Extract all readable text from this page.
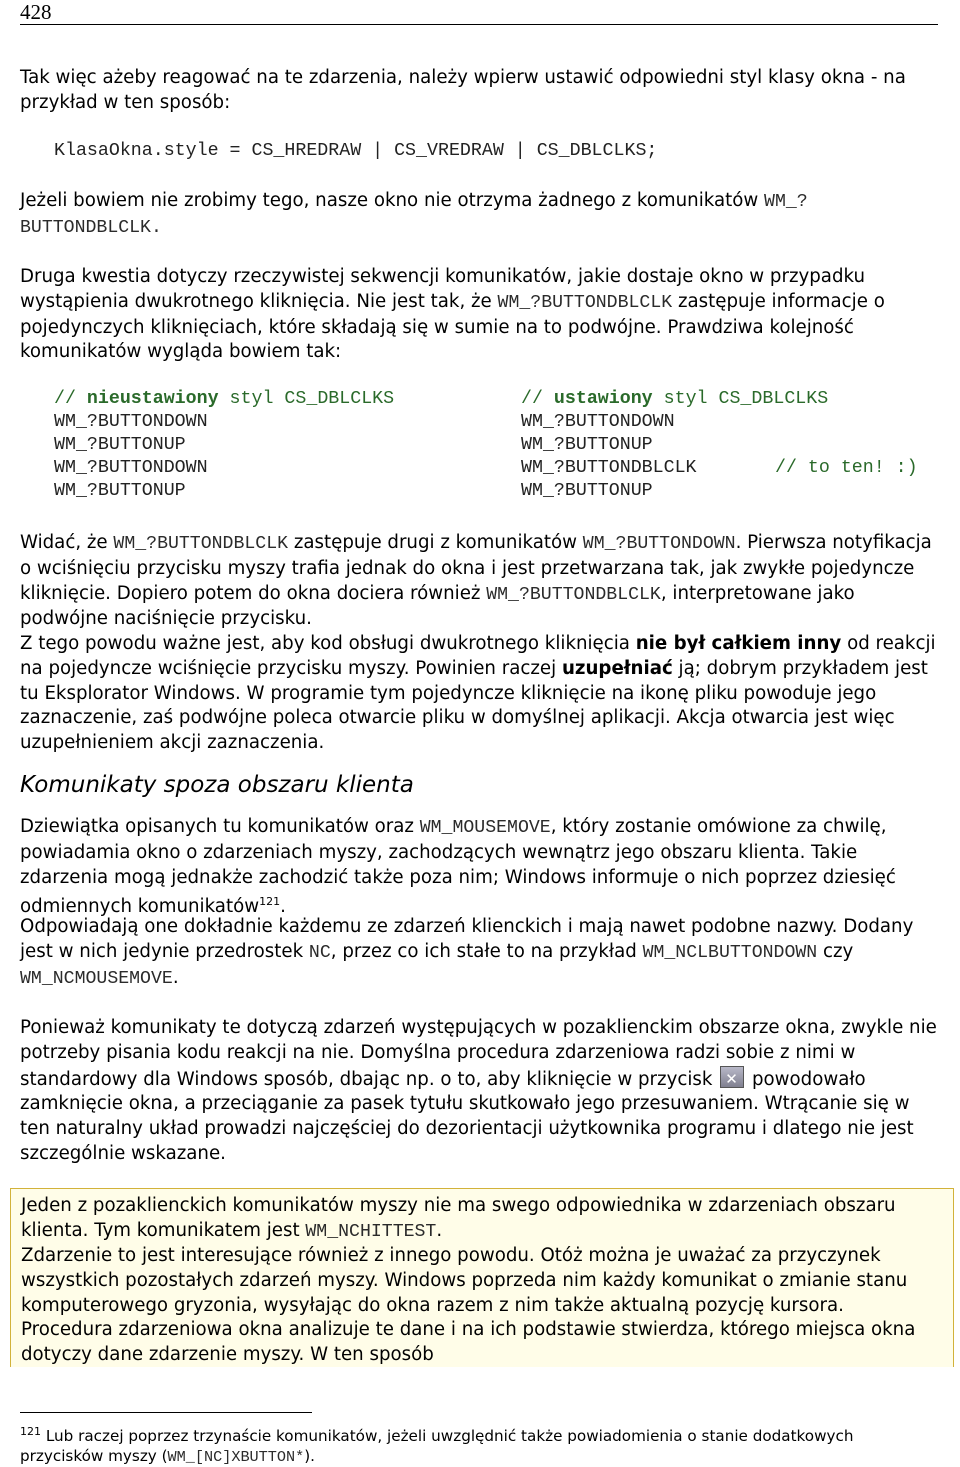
428
Tak więc ażeby reagować na te zdarzenia, należy wpierw ustawić odpowiedni styl klasy okna - na przykład w ten sposób:
KlasaOkna.style = CS_HREDRAW | CS_VREDRAW | CS_DBLCLKS;
Jeżeli bowiem nie zrobimy tego, nasze okno nie otrzyma żadnego z komunikatów WM_?BUTTONDBLCLK.
Druga kwestia dotyczy rzeczywistej sekwencji komunikatów, jakie dostaje okno w przypadku wystąpienia dwukrotnego kliknięcia. Nie jest tak, że WM_?BUTTONDBLCLK zastępuje informacje o pojedynczych kliknięciach, które składają się w sumie na to podwójne. Prawdziwa kolejność komunikatów wygląda bowiem tak:
// nieustawiony styl CS_DBLCLKS
WM_?BUTTONDOWN
WM_?BUTTONUP
WM_?BUTTONDOWN
WM_?BUTTONUP
// ustawiony styl CS_DBLCLKS
WM_?BUTTONDOWN
WM_?BUTTONUP
WM_?BUTTONDBLCLK	// to ten! :)
WM_?BUTTONUP
Widać, że WM_?BUTTONDBLCLK zastępuje drugi z komunikatów WM_?BUTTONDOWN. Pierwsza notyfikacja o wciśnięciu przycisku myszy trafia jednak do okna i jest przetwarzana tak, jak zwykłe pojedyncze kliknięcie. Dopiero potem do okna dociera również WM_?BUTTONDBLCLK, interpretowane jako podwójne naciśnięcie przycisku.
Z tego powodu ważne jest, aby kod obsługi dwukrotnego kliknięcia nie był całkiem inny od reakcji na pojedyncze wciśnięcie przycisku myszy. Powinien raczej uzupełniać ją; dobrym przykładem jest tu Eksplorator Windows. W programie tym pojedyncze kliknięcie na ikonę pliku powoduje jego zaznaczenie, zaś podwójne poleca otwarcie pliku w domyślnej aplikacji. Akcja otwarcia jest więc uzupełnieniem akcji zaznaczenia.
Komunikaty spoza obszaru klienta
Dziewiątka opisanych tu komunikatów oraz WM_MOUSEMOVE, który zostanie omówione za chwilę, powiadamia okno o zdarzeniach myszy, zachodzących wewnątrz jego obszaru klienta. Takie zdarzenia mogą jednakże zachodzić także poza nim; Windows informuje o nich poprzez dziesięć odmiennych komunikatów$^{121}$.
Odpowiadają one dokładnie każdemu ze zdarzeń klienckich i mają nawet podobne nazwy. Dodany jest w nich jedynie przedrostek NC, przez co ich stałe to na przykład WM_NCLBUTTONDOWN czy WM_NCMOUSEMOVE.
Ponieważ komunikaty te dotyczą zdarzeń występujących w pozaklienckim obszarze okna, zwykle nie potrzeby pisania kodu reakcji na nie. Domyślna procedura zdarzeniowa radzi sobie z nimi w standardowy dla Windows sposób, dbając np. o to, aby kliknięcie w przycisk ✕ powodowało zamknięcie okna, a przeciąganie za pasek tytułu skutkowało jego przesuwaniem. Wtrącanie się w ten naturalny układ prowadzi najczęściej do dezorientacji użytkownika programu i dlatego nie jest szczególnie wskazane.
Jeden z pozaklienckich komunikatów myszy nie ma swego odpowiednika w zdarzeniach obszaru klienta. Tym komunikatem jest WM_NCHITTEST.
Zdarzenie to jest interesujące również z innego powodu. Otóż można je uważać za przyczynek wszystkich pozostałych zdarzeń myszy. Windows poprzeda nim każdy komunikat o zmianie stanu komputerowego gryzonia, wysyłając do okna razem z nim także aktualną pozycję kursora. Procedura zdarzeniowa okna analizuje te dane i na ich podstawie stwierdza, którego miejsca okna dotyczy dane zdarzenie myszy. W ten sposób
$^{121}$ Lub raczej poprzez trzynaście komunikatów, jeżeli uwzględnić także powiadomienia o stanie dodatkowych przycisków myszy (WM_[NC]XBUTTON*).
